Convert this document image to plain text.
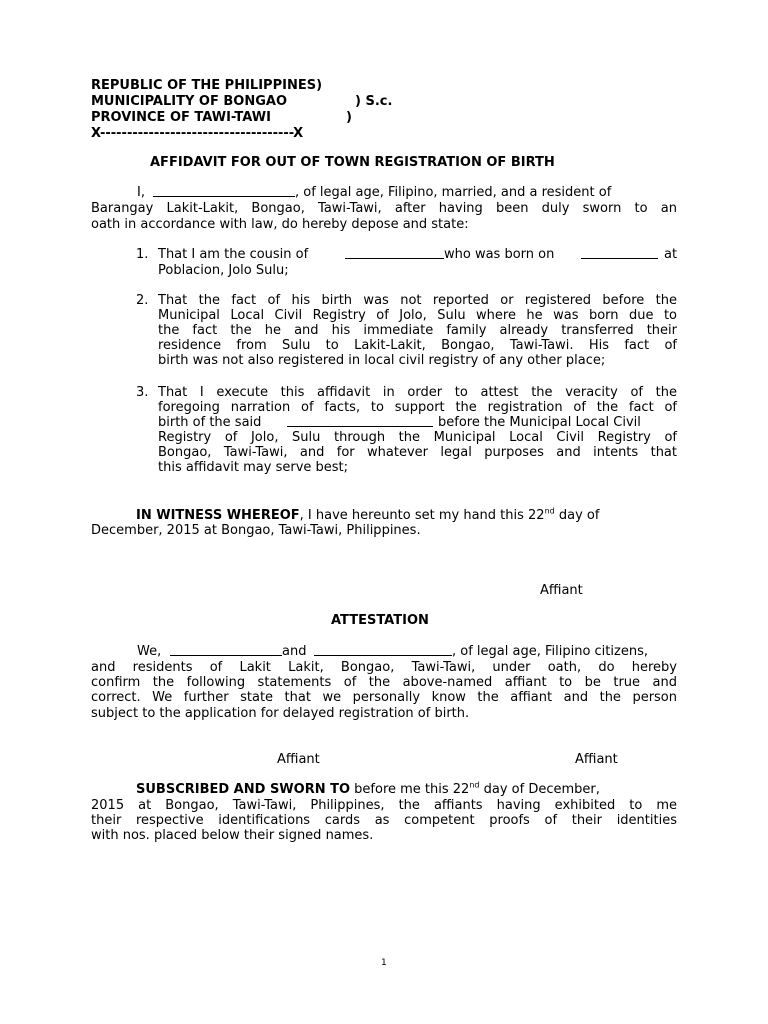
REPUBLIC OF THE PHILIPPINES)
MUNICIPALITY OF BONGAO	) S.c.
PROVINCE OF TAWI-TAWI	)
X------------------------------------X
AFFIDAVIT FOR OUT OF TOWN REGISTRATION OF BIRTH
I,	, of legal age, Filipino, married, and a resident of
Barangay Lakit-Lakit, Bongao, Tawi-Tawi, after having been duly sworn to an
oath in accordance with law, do hereby depose and state:
1. That I am the cousin of	who was born on	at
Poblacion, Jolo Sulu;
2. That the fact of his birth was not reported or registered before the
Municipal Local Civil Registry of Jolo, Sulu where he was born due to
the fact the he and his immediate family already transferred their
residence from Sulu to Lakit-Lakit, Bongao, Tawi-Tawi. His fact of
birth was not also registered in local civil registry of any other place;
3. That I execute this affidavit in order to attest the veracity of the
foregoing narration of facts, to support the registration of the fact of
birth of the said	before the Municipal Local Civil
Registry of Jolo, Sulu through the Municipal Local Civil Registry of
Bongao, Tawi-Tawi, and for whatever legal purposes and intents that
this affidavit may serve best;
IN WITNESS WHEREOF, I have hereunto set my hand this 22nd day of
December, 2015 at Bongao, Tawi-Tawi, Philippines.
Affiant
ATTESTATION
We,	and	, of legal age, Filipino citizens,
and residents of Lakit Lakit, Bongao, Tawi-Tawi, under oath, do hereby
confirm the following statements of the above-named affiant to be true and
correct. We further state that we personally know the affiant and the person
subject to the application for delayed registration of birth.
Affiant	Affiant
SUBSCRIBED AND SWORN TO before me this 22nd day of December,
2015 at Bongao, Tawi-Tawi, Philippines, the affiants having exhibited to me
their respective identifications cards as competent proofs of their identities
with nos. placed below their signed names.
1
